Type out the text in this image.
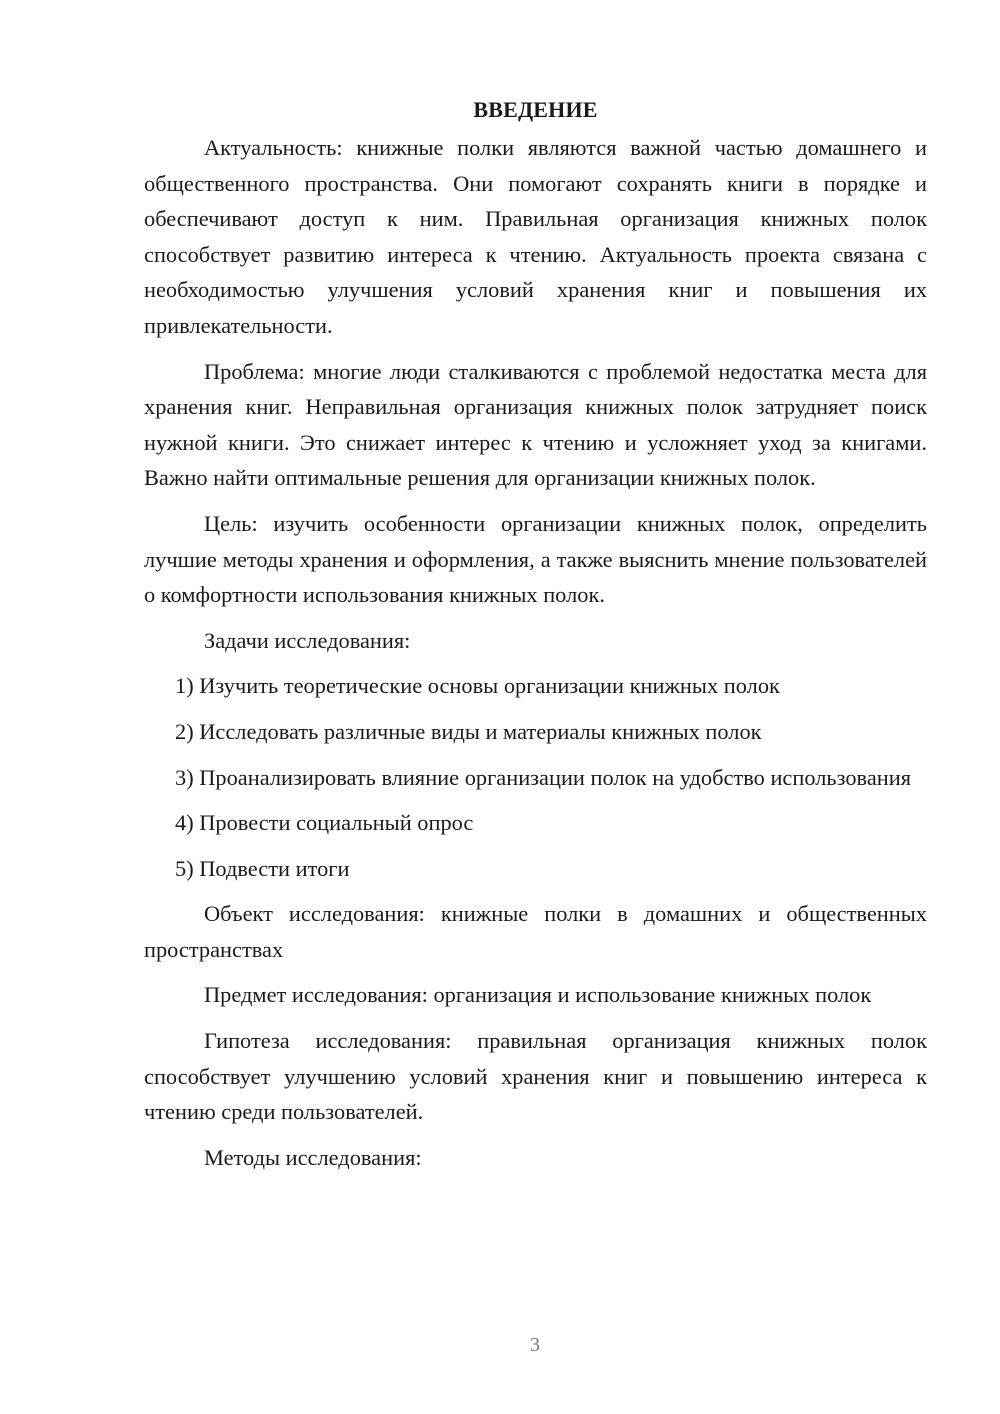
ВВЕДЕНИЕ

Актуальность: книжные полки являются важной частью домашнего и общественного пространства. Они помогают сохранять книги в порядке и обеспечивают доступ к ним. Правильная организация книжных полок способствует развитию интереса к чтению. Актуальность проекта связана с необходимостью улучшения условий хранения книг и повышения их привлекательности.

Проблема: многие люди сталкиваются с проблемой недостатка места для хранения книг. Неправильная организация книжных полок затрудняет поиск нужной книги. Это снижает интерес к чтению и усложняет уход за книгами. Важно найти оптимальные решения для организации книжных полок.

Цель: изучить особенности организации книжных полок, определить лучшие методы хранения и оформления, а также выяснить мнение пользователей о комфортности использования книжных полок.

Задачи исследования:

1) Изучить теоретические основы организации книжных полок

2) Исследовать различные виды и материалы книжных полок

3) Проанализировать влияние организации полок на удобство использования

4) Провести социальный опрос

5) Подвести итоги

Объект исследования: книжные полки в домашних и общественных пространствах

Предмет исследования: организация и использование книжных полок

Гипотеза исследования: правильная организация книжных полок способствует улучшению условий хранения книг и повышению интереса к чтению среди пользователей.

Методы исследования:

3
